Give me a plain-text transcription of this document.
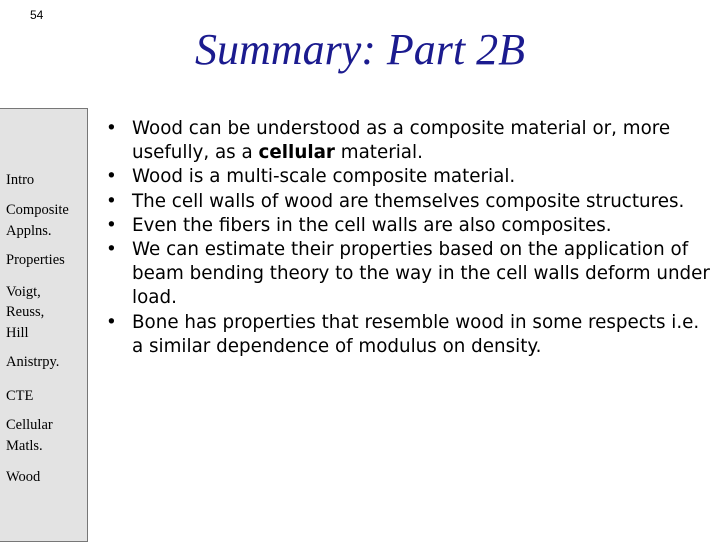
54
Summary: Part 2B
Intro
Composite
Applns.
Properties
Voigt,
Reuss,
Hill
Anistrpy.
CTE
Cellular
Matls.
Wood
• Wood can be understood as a composite material or, more usefully, as a cellular material.
• Wood is a multi-scale composite material.
• The cell walls of wood are themselves composite structures.
• Even the fibers in the cell walls are also composites.
• We can estimate their properties based on the application of beam bending theory to the way in the cell walls deform under load.
• Bone has properties that resemble wood in some respects i.e. a similar dependence of modulus on density.
